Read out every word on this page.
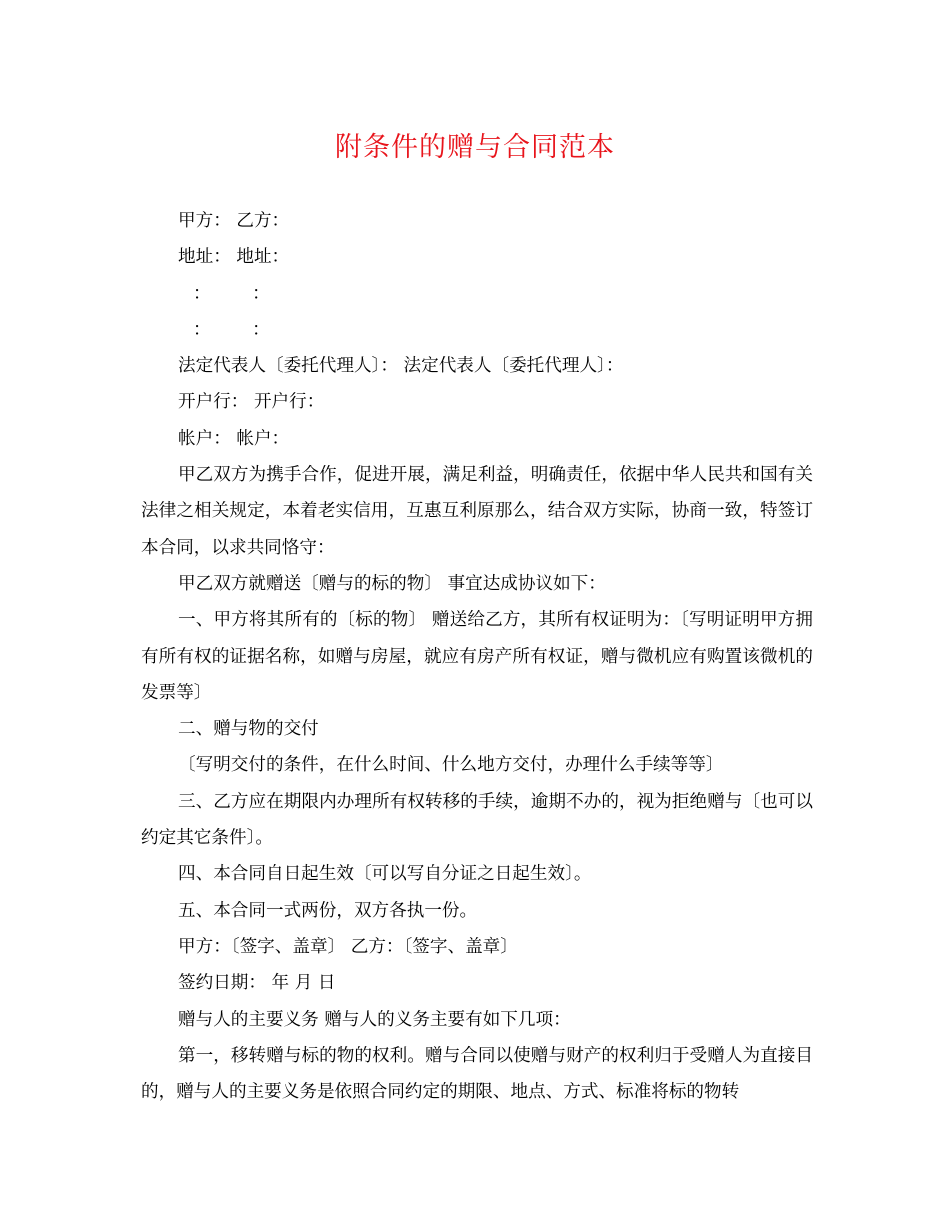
附条件的赠与合同范本

甲方： 乙方：

地址： 地址：

： ：

： ：

法定代表人〔委托代理人〕： 法定代表人〔委托代理人〕：

开户行： 开户行：

帐户： 帐户：

甲乙双方为携手合作，促进开展，满足利益，明确责任，依据中华人民共和国有关法律之相关规定，本着老实信用，互惠互利原那么，结合双方实际，协商一致，特签订本合同，以求共同恪守：

甲乙双方就赠送〔赠与的标的物〕 事宜达成协议如下：

一、甲方将其所有的〔标的物〕 赠送给乙方，其所有权证明为：〔写明证明甲方拥有所有权的证据名称，如赠与房屋，就应有房产所有权证，赠与微机应有购置该微机的发票等〕

二、赠与物的交付

〔写明交付的条件，在什么时间、什么地方交付，办理什么手续等等〕

三、乙方应在期限内办理所有权转移的手续，逾期不办的，视为拒绝赠与〔也可以约定其它条件〕。

四、本合同自日起生效〔可以写自分证之日起生效〕。

五、本合同一式两份，双方各执一份。

甲方：〔签字、盖章〕 乙方：〔签字、盖章〕

签约日期： 年 月 日

赠与人的主要义务 赠与人的义务主要有如下几项：

第一，移转赠与标的物的权利。赠与合同以使赠与财产的权利归于受赠人为直接目的，赠与人的主要义务是依照合同约定的期限、地点、方式、标准将标的物转
